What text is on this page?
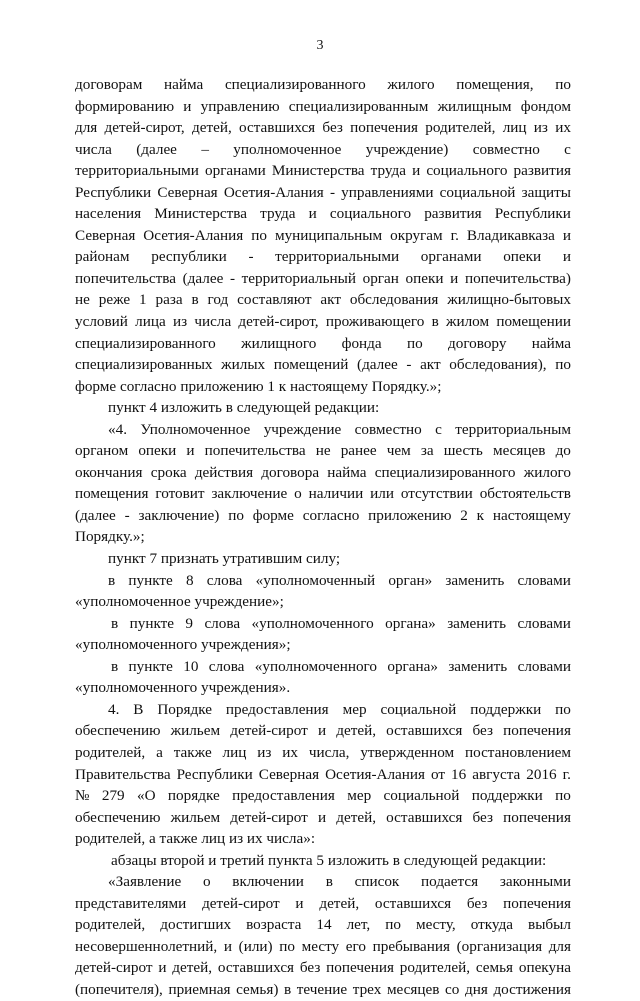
3
договорам найма специализированного жилого помещения, по
формированию и управлению специализированным жилищным фондом
для детей-сирот, детей, оставшихся без попечения родителей, лиц из их
числа (далее – уполномоченное учреждение) совместно с
территориальными органами Министерства труда и социального развития
Республики Северная Осетия-Алания - управлениями социальной защиты
населения Министерства труда и социального развития Республики
Северная Осетия-Алания по муниципальным округам г. Владикавказа и
районам республики - территориальными органами опеки и
попечительства (далее - территориальный орган опеки и попечительства)
не реже 1 раза в год составляют акт обследования жилищно-бытовых
условий лица из числа детей-сирот, проживающего в жилом помещении
специализированного жилищного фонда по договору найма
специализированных жилых помещений (далее - акт обследования), по
форме согласно приложению 1 к настоящему Порядку.»;
пункт 4 изложить в следующей редакции:
«4. Уполномоченное учреждение совместно с территориальным
органом опеки и попечительства не ранее чем за шесть месяцев до
окончания срока действия договора найма специализированного жилого
помещения готовит заключение о наличии или отсутствии обстоятельств
(далее - заключение) по форме согласно приложению 2 к настоящему
Порядку.»;
пункт 7 признать утратившим силу;
в пункте 8 слова «уполномоченный орган» заменить словами
«уполномоченное учреждение»;
в пункте 9 слова «уполномоченного органа» заменить словами
«уполномоченного учреждения»;
в пункте 10 слова «уполномоченного органа» заменить словами
«уполномоченного учреждения».
4. В Порядке предоставления мер социальной поддержки по
обеспечению жильем детей-сирот и детей, оставшихся без попечения
родителей, а также лиц из их числа, утвержденном постановлением
Правительства Республики Северная Осетия-Алания от 16 августа 2016 г.
№ 279 «О порядке предоставления мер социальной поддержки по
обеспечению жильем детей-сирот и детей, оставшихся без попечения
родителей, а также лиц из их числа»:
абзацы второй и третий пункта 5 изложить в следующей редакции:
«Заявление о включении в список подается законными
представителями детей-сирот и детей, оставшихся без попечения
родителей, достигших возраста 14 лет, по месту, откуда выбыл
несовершеннолетний, и (или) по месту его пребывания (организация для
детей-сирот и детей, оставшихся без попечения родителей, семья опекуна
(попечителя), приемная семья) в течение трех месяцев со дня достижения
